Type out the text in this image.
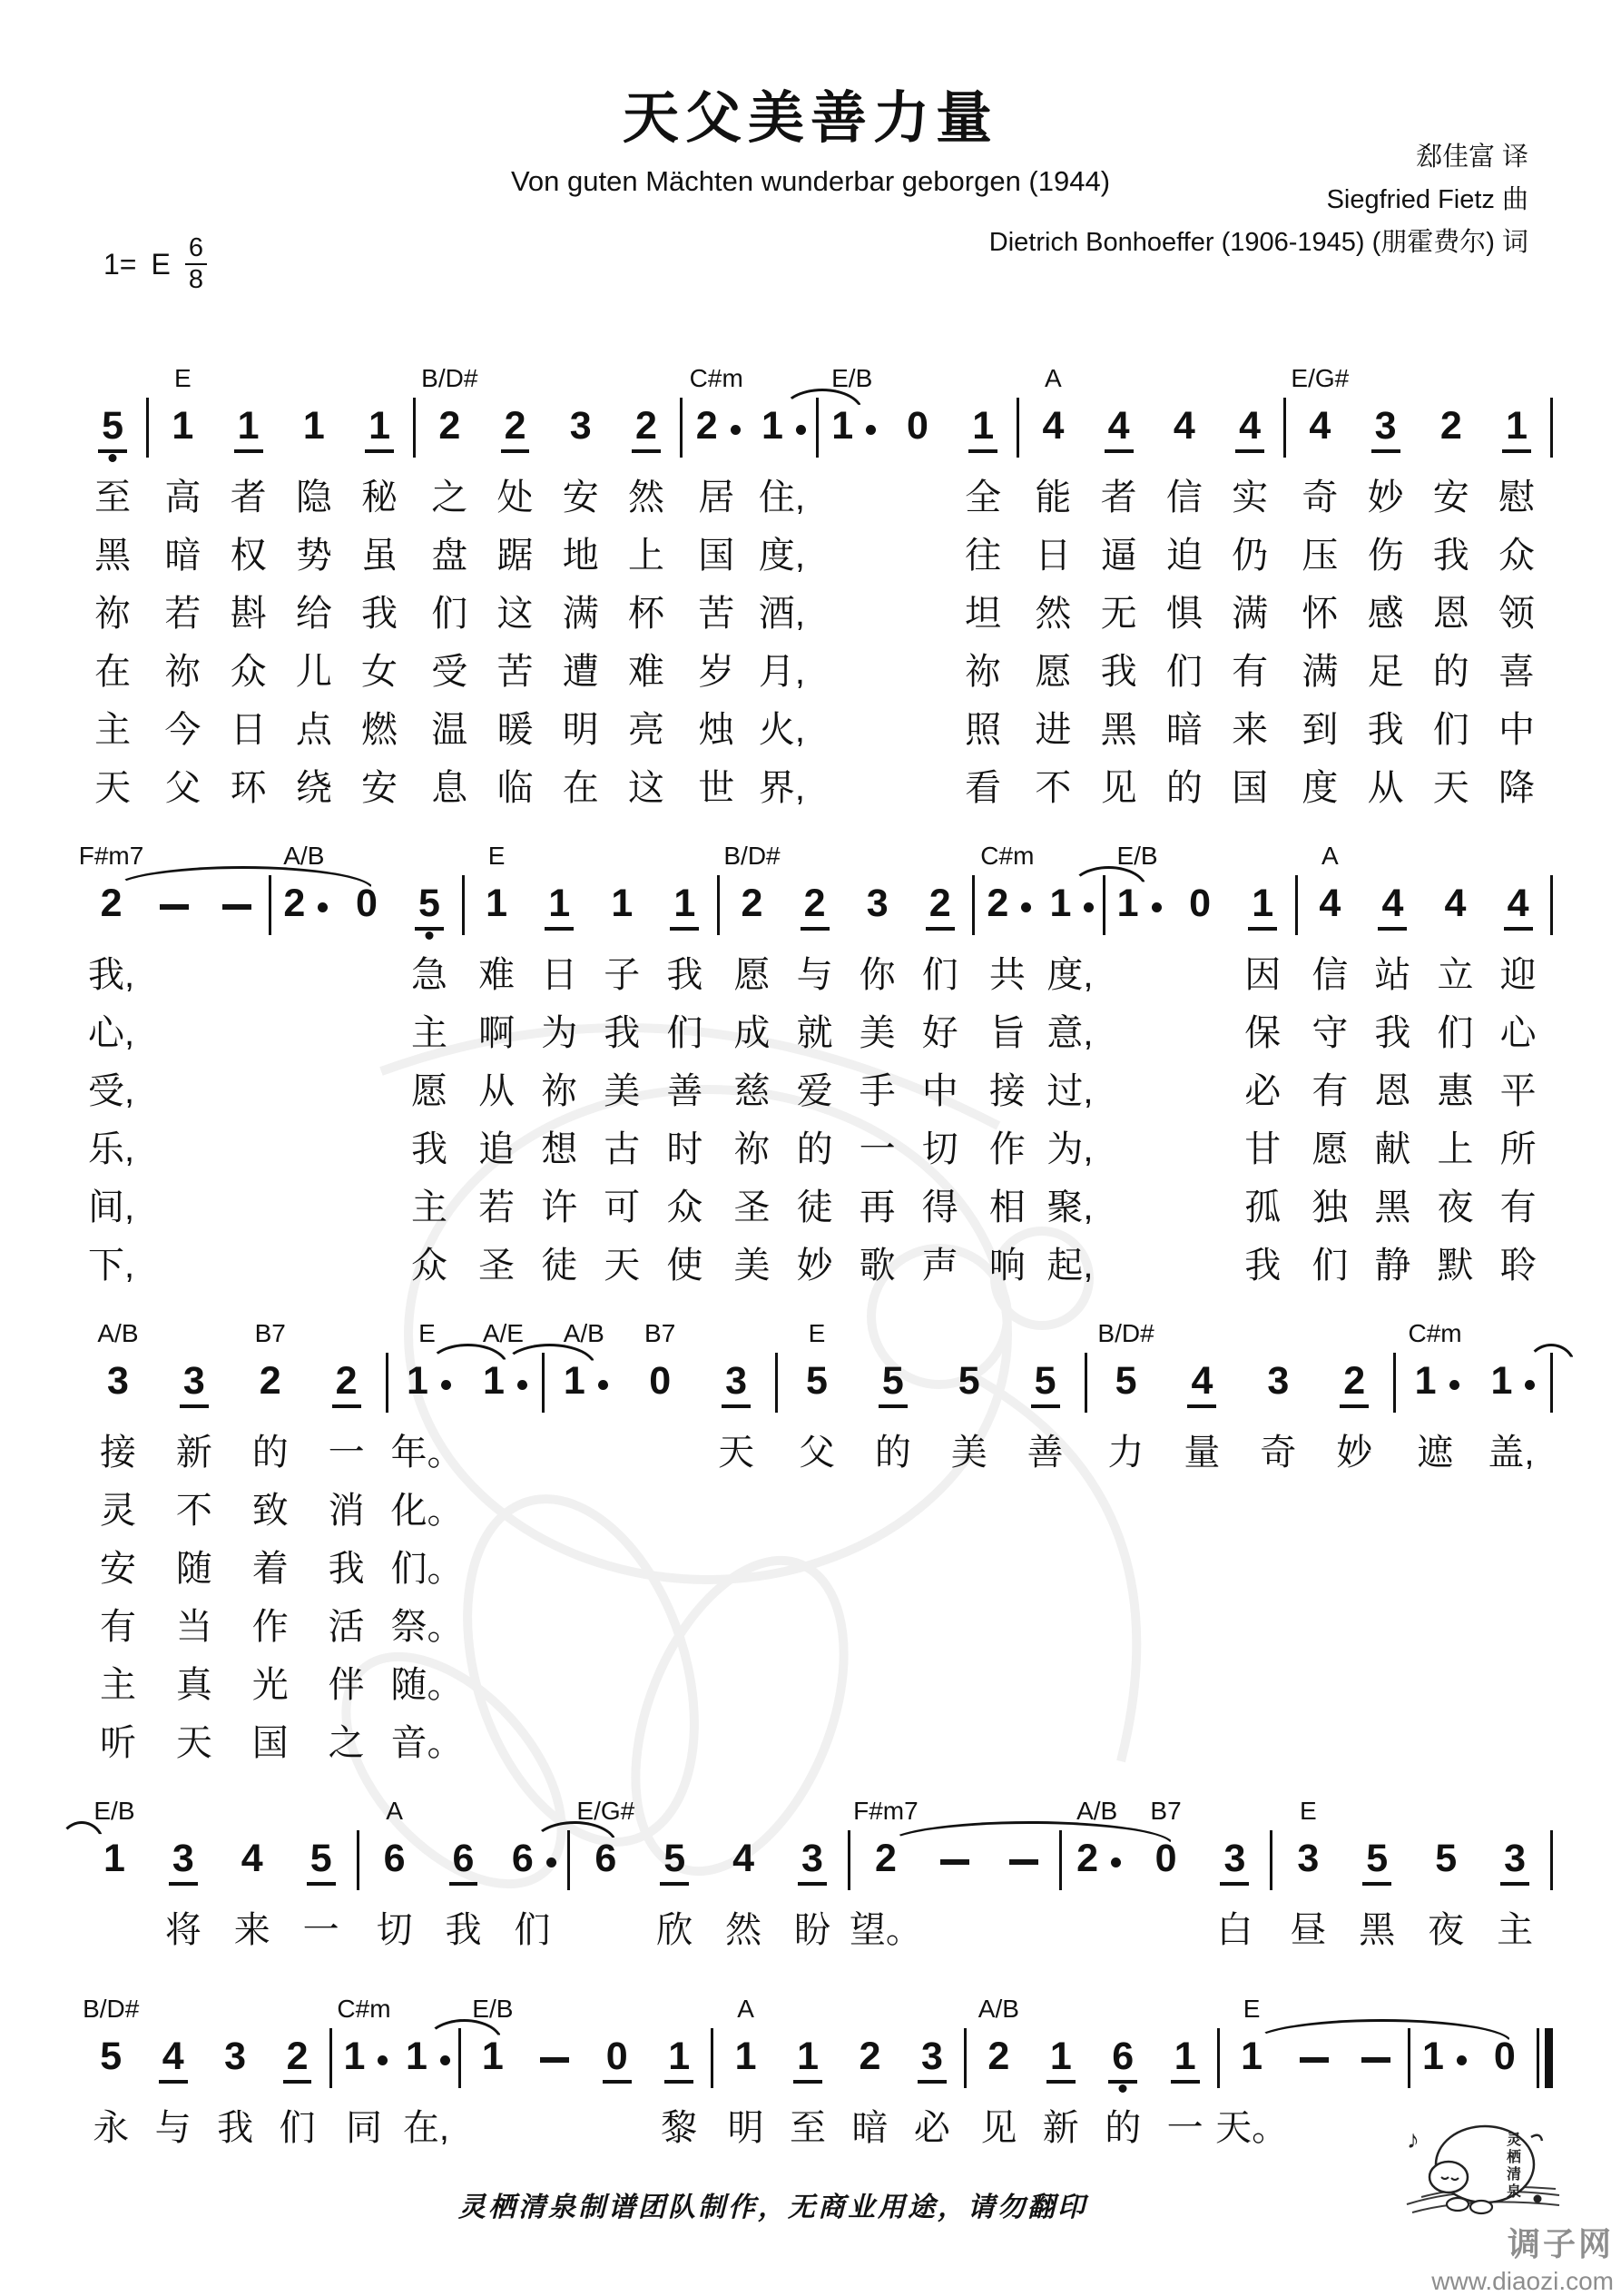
天父美善力量
Von guten Mächten wunderbar geborgen (1944)
郄佳富 译
Siegfried Fietz 曲
Dietrich Bonhoeffer (1906-1945) (朋霍费尔) 词
1= E $\frac{6}{8}$
5
至
黑
祢
在
主
天
E
1
高
暗
若
祢
今
父
1
者
权
斟
众
日
环
1
隐
势
给
儿
点
绕
1
秘
虽
我
女
燃
安
B/D#
2
之
盘
们
受
温
息
2
处
踞
这
苦
暖
临
3
安
地
满
遭
明
在
2
然
上
杯
难
亮
这
C#m
2
居
国
苦
岁
烛
世
1
住,
度,
酒,
月,
火,
界,
E/B
1 0 1
全
往
坦
祢
照
看
A
4
能
日
然
愿
进
不
4
者
逼
无
我
黑
见
4
信
迫
惧
们
暗
的
4
实
仍
满
有
来
国
E/G#
4
奇
压
怀
满
到
度
3
妙
伤
感
足
我
从
2
安
我
恩
的
们
天
1
慰
众
领
喜
中
降
F#m7
2
我,
心,
受,
乐,
间,
下,
A/B
2 0 5
急
主
愿
我
主
众
E
1
难
啊
从
追
若
圣
1
日
为
祢
想
许
徒
1
子
我
美
古
可
天
1
我
们
善
时
众
使
B/D#
2
愿
成
慈
祢
圣
美
2
与
就
爱
的
徒
妙
3
你
美
手
一
再
歌
2
们
好
中
切
得
声
C#m
2
共
旨
接
作
相
响
1
度,
意,
过,
为,
聚,
起,
E/B
1 0 1
因
保
必
甘
孤
我
A
4
信
守
有
愿
独
们
4
站
我
恩
献
黑
静
4
立
们
惠
上
夜
默
4
迎
心
平
所
有
聆
A/B
3
接
灵
安
有
主
听
3
新
不
随
当
真
天
B7
2
的
致
着
作
光
国
2
一
消
我
活
伴
之
E
1
年。
化。
们。
祭。
随。
音。
A/E
1
A/B
1
B7
0 3
天
E
5
父
5
的
5
美
5
善
B/D#
5
力
4
量
3
奇
2
妙
C#m
1
遮
1
盖,
E/B
1 3
将
4
来
5
一
A
6
切
6
我
6
们
E/G#
6 5
欣
4
然
3
盼
F#m7
2
望。
A/B
2
B7
0 3
白
E
3
昼
5
黑
5
夜
3
主
B/D#
5
永
4
与
3
我
2
们
C#m
1
同
1
在,
E/B
1	0 1
黎
A
1
明
1
至
2
暗
3
必
A/B
2
见
1
新
6
的
1
一
E
1
天。
1 0
灵栖清泉制谱团队制作，无商业用途，请勿翻印
♪	灵
栖
清
泉
调子网
www.diaozi.com
